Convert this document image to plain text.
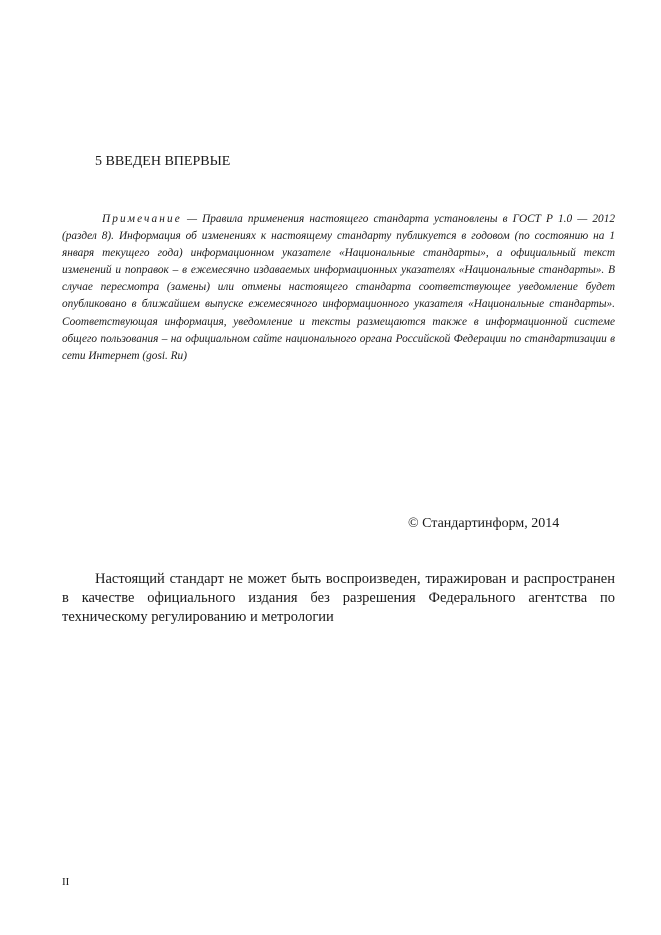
5 ВВЕДЕН ВПЕРВЫЕ

Примечание — Правила применения настоящего стандарта установлены в ГОСТ Р 1.0 — 2012 (раздел 8). Информация об изменениях к настоящему стандарту публикуется в годовом (по состоянию на 1 января текущего года) информационном указателе «Национальные стандарты», а официальный текст изменений и поправок – в ежемесячно издаваемых информационных указателях «Национальные стандарты». В случае пересмотра (замены) или отмены настоящего стандарта соответствующее уведомление будет опубликовано в ближайшем выпуске ежемесячного информационного указателя «Национальные стандарты». Соответствующая информация, уведомление и тексты размещаются также в информационной системе общего пользования – на официальном сайте национального органа Российской Федерации по стандартизации в сети Интернет (gosi. Ru)

© Стандартинформ, 2014

Настоящий стандарт не может быть воспроизведен, тиражирован и распространен в качестве официального издания без разрешения Федерального агентства по техническому регулированию и метрологии

II
